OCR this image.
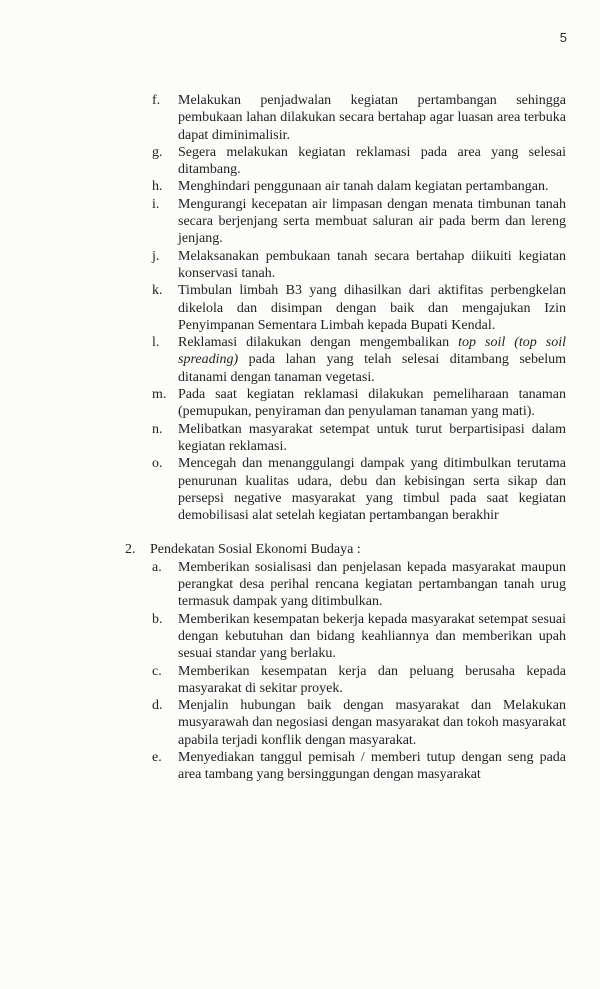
5
f.	Melakukan penjadwalan kegiatan pertambangan sehingga pembukaan lahan dilakukan secara bertahap agar luasan area terbuka dapat diminimalisir.
g.	Segera melakukan kegiatan reklamasi pada area yang selesai ditambang.
h.	Menghindari penggunaan air tanah dalam kegiatan pertambangan.
i.	Mengurangi kecepatan air limpasan dengan menata timbunan tanah secara berjenjang serta membuat saluran air pada berm dan lereng jenjang.
j.	Melaksanakan pembukaan tanah secara bertahap diikuiti kegiatan konservasi tanah.
k.	Timbulan limbah B3 yang dihasilkan dari aktifitas perbengkelan dikelola dan disimpan dengan baik dan mengajukan Izin Penyimpanan Sementara Limbah kepada Bupati Kendal.
l.	Reklamasi dilakukan dengan mengembalikan top soil (top soil spreading) pada lahan yang telah selesai ditambang sebelum ditanami dengan tanaman vegetasi.
m. Pada saat kegiatan reklamasi dilakukan pemeliharaan tanaman (pemupukan, penyiraman dan penyulaman tanaman yang mati).
n.	Melibatkan masyarakat setempat untuk turut berpartisipasi dalam kegiatan reklamasi.
o.	Mencegah dan menanggulangi dampak yang ditimbulkan terutama penurunan kualitas udara, debu dan kebisingan serta sikap dan persepsi negative masyarakat yang timbul pada saat kegiatan demobilisasi alat setelah kegiatan pertambangan berakhir
2.	Pendekatan Sosial Ekonomi Budaya :
a.	Memberikan sosialisasi dan penjelasan kepada masyarakat maupun perangkat desa perihal rencana kegiatan pertambangan tanah urug termasuk dampak yang ditimbulkan.
b.	Memberikan kesempatan bekerja kepada masyarakat setempat sesuai dengan kebutuhan dan bidang keahliannya dan memberikan upah sesuai standar yang berlaku.
c.	Memberikan kesempatan kerja dan peluang berusaha kepada masyarakat di sekitar proyek.
d.	Menjalin hubungan baik dengan masyarakat dan Melakukan musyarawah dan negosiasi dengan masyarakat dan tokoh masyarakat apabila terjadi konflik dengan masyarakat.
e.	Menyediakan tanggul pemisah / memberi tutup dengan seng pada area tambang yang bersinggungan dengan masyarakat
